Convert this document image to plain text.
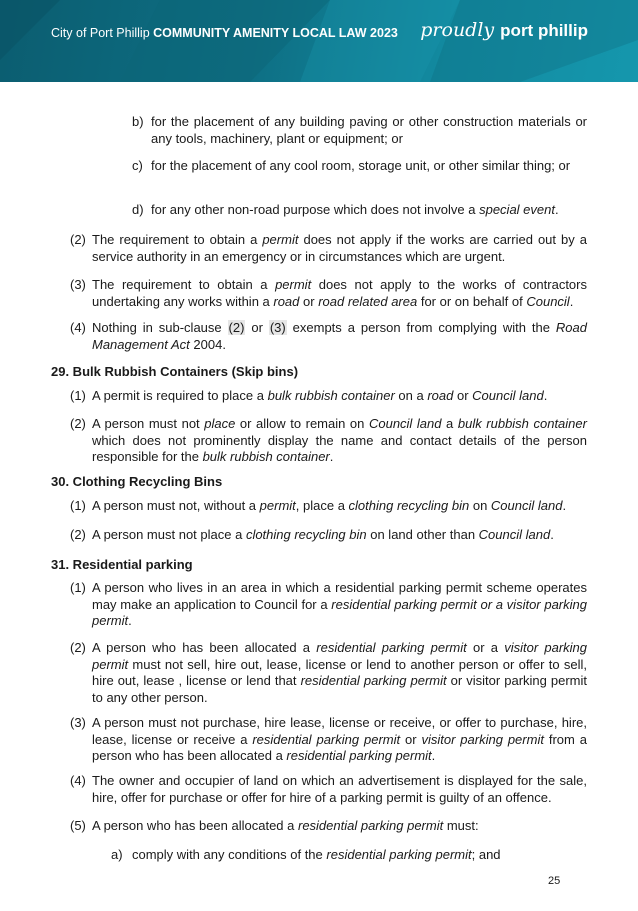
City of Port Phillip COMMUNITY AMENITY LOCAL LAW 2023 proudly port phillip
b) for the placement of any building paving or other construction materials or any tools, machinery, plant or equipment; or
c) for the placement of any cool room, storage unit, or other similar thing; or
d) for any other non-road purpose which does not involve a special event.
(2) The requirement to obtain a permit does not apply if the works are carried out by a service authority in an emergency or in circumstances which are urgent.
(3) The requirement to obtain a permit does not apply to the works of contractors undertaking any works within a road or road related area for or on behalf of Council.
(4) Nothing in sub-clause (2) or (3) exempts a person from complying with the Road Management Act 2004.
29. Bulk Rubbish Containers (Skip bins)
(1) A permit is required to place a bulk rubbish container on a road or Council land.
(2) A person must not place or allow to remain on Council land a bulk rubbish container which does not prominently display the name and contact details of the person responsible for the bulk rubbish container.
30. Clothing Recycling Bins
(1) A person must not, without a permit, place a clothing recycling bin on Council land.
(2) A person must not place a clothing recycling bin on land other than Council land.
31. Residential parking
(1) A person who lives in an area in which a residential parking permit scheme operates may make an application to Council for a residential parking permit or a visitor parking permit.
(2) A person who has been allocated a residential parking permit or a visitor parking permit must not sell, hire out, lease, license or lend to another person or offer to sell, hire out, lease , license or lend that residential parking permit or visitor parking permit to any other person.
(3) A person must not purchase, hire lease, license or receive, or offer to purchase, hire, lease, license or receive a residential parking permit or visitor parking permit from a person who has been allocated a residential parking permit.
(4) The owner and occupier of land on which an advertisement is displayed for the sale, hire, offer for purchase or offer for hire of a parking permit is guilty of an offence.
(5) A person who has been allocated a residential parking permit must:
a) comply with any conditions of the residential parking permit; and
25
